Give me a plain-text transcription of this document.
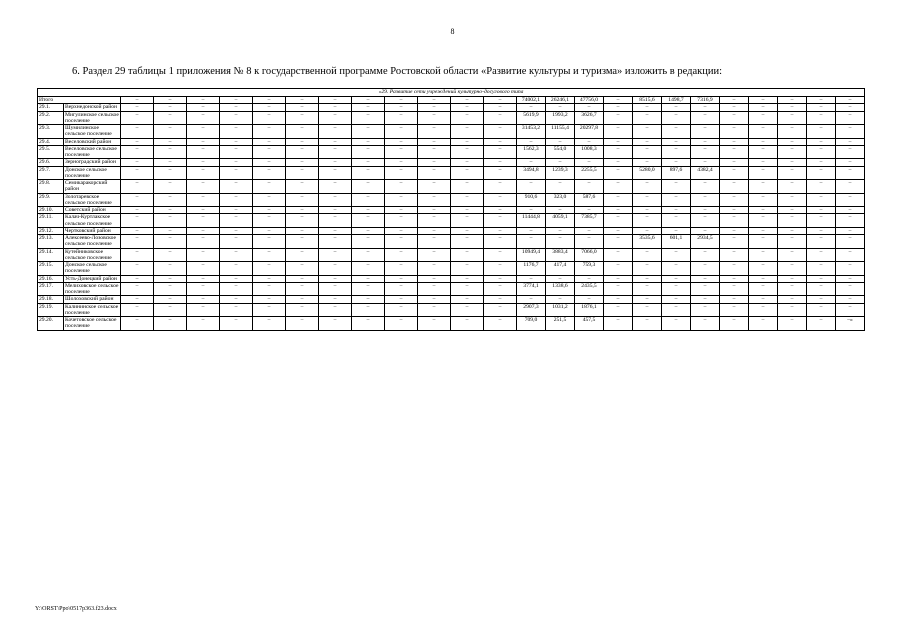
8
6. Раздел 29 таблицы 1 приложения № 8 к государственной программе Ростовской области «Развитие культуры и туризма» изложить в редакции:
«29. Развитие сети учреждений культурно-досугового типа																									
Итого		–	–	–	–	–	–	–	–	–	–	–	–	74002,1	26246,1	47756,0	–	8515,6	1498,7	7316,9	–	–	–	–	–
29.1.	Верхнедонской район	–	–	–	–	–	–	–	–	–	–	–	–	–	–	–	–	–	–	–	–	–	–	–	–
29.2.	Мигулинское сельское поселение	–	–	–	–	–	–	–	–	–	–	–	–	5619,9	1993,2	3626,7	–	–	–	–	–	–	–	–	–
29.3.	Шумилинское сельское поселение	–	–	–	–	–	–	–	–	–	–	–	–	31453,2	11155,4	20297,8	–	–	–	–	–	–	–	–	–
29.4.	Веселовский район	–	–	–	–	–	–	–	–	–	–	–	–	–	–	–	–	–	–	–	–	–	–	–	–
29.5.	Веселовское сельское поселение	–	–	–	–	–	–	–	–	–	–	–	–	1562,3	554,0	1008,3	–	–	–	–	–	–	–	–	–
29.6.	Зерноградский район	–	–	–	–	–	–	–	–	–	–	–	–	–	–	–	–	–	–	–	–	–	–	–	–
29.7.	Донское сельское поселение	–	–	–	–	–	–	–	–	–	–	–	–	3494,8	1239,3	2255,5	–	5280,0	897,6	4382,4	–	–	–	–	–
29.8.	Семикаракорский район	–	–	–	–	–	–	–	–	–	–	–	–	–	–	–	–	–	–	–	–	–	–	–	–
29.9.	Золотаревское сельское поселение	–	–	–	–	–	–	–	–	–	–	–	–	910,6	323,0	587,6	–	–	–	–	–	–	–	–	–
29.10.	Советский район	–	–	–	–	–	–	–	–	–	–	–	–	–	–	–	–	–	–	–	–	–	–	–	–
29.11.	Калач-Куртлакское сельское поселение	–	–	–	–	–	–	–	–	–	–	–	–	11444,8	4059,1	7385,7	–	–	–	–	–	–	–	–	–
29.12.	Чертковский район	–	–	–	–	–	–	–	–	–	–	–	–	–	–	–	–	–	–	–	–	–	–	–	–
29.13.	Алексеево-Лозовское сельское поселение	–	–	–	–	–	–	–	–	–	–	–	–	–	–	–	–	3535,6	601,1	2934,5	–	–	–	–	–
29.14.	Кутейниковское сельское поселение	–	–	–	–	–	–	–	–	–	–	–	–	10949,4	3883,4	7066,0	–	–	–	–	–	–	–	–	–
29.15.	Донское сельское поселение	–	–	–	–	–	–	–	–	–	–	–	–	1176,7	417,4	759,3	–	–	–	–	–	–	–	–	–
29.16.	Усть-Донецкий район	–	–	–	–	–	–	–	–	–	–	–	–	–	–	–	–	–	–	–	–	–	–	–	–
29.17.	Мелиховское сельское поселение	–	–	–	–	–	–	–	–	–	–	–	–	3774,1	1338,6	2435,5	–	–	–	–	–	–	–	–	–
29.18.	Шолоховский район	–	–	–	–	–	–	–	–	–	–	–	–	–	–	–	–	–	–	–	–	–	–	–	–
29.19.	Калининское сельское поселение	–	–	–	–	–	–	–	–	–	–	–	–	2907,3	1031,2	1876,1	–	–	–	–	–	–	–	–	–
29.20.	Кочетовское сельское поселение	–	–	–	–	–	–	–	–	–	–	–	–	709,0	251,5	457,5	–	–	–	–	–	–	–	–	–»
Y:\ORST\Ppo\0517p363.f23.docx
